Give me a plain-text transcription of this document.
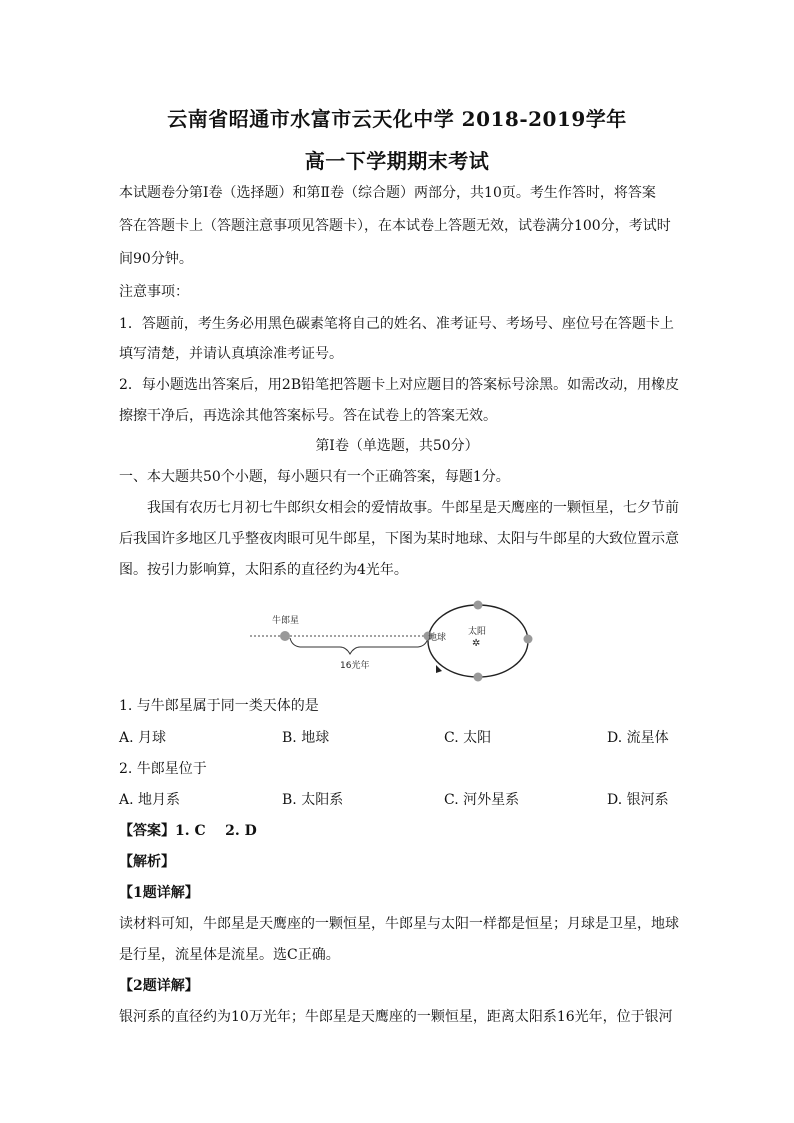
云南省昭通市水富市云天化中学 2018-2019学年
高一下学期期末考试
本试题卷分第Ⅰ卷（选择题）和第Ⅱ卷（综合题）两部分，共10页。考生作答时，将答案
答在答题卡上（答题注意事项见答题卡），在本试卷上答题无效，试卷满分100分，考试时
间90分钟。
注意事项：
1．答题前，考生务必用黑色碳素笔将自己的姓名、准考证号、考场号、座位号在答题卡上
填写清楚，并请认真填涂准考证号。
2．每小题选出答案后，用2B铅笔把答题卡上对应题目的答案标号涂黑。如需改动，用橡皮
擦擦干净后，再选涂其他答案标号。答在试卷上的答案无效。
第Ⅰ卷（单选题，共50分）
一、本大题共50个小题，每小题只有一个正确答案，每题1分。
我国有农历七月初七牛郎织女相会的爱情故事。牛郎星是天鹰座的一颗恒星，七夕节前
后我国许多地区几乎整夜肉眼可见牛郎星，下图为某时地球、太阳与牛郎星的大致位置示意
图。按引力影响算，太阳系的直径约为4光年。
牛郎星
地球
太阳
✲
16光年
1. 与牛郎星属于同一类天体的是
A. 月球	B. 地球	C. 太阳	D. 流星体
2. 牛郎星位于
A. 地月系	B. 太阳系	C. 河外星系	D. 银河系
【答案】1. C    2. D
【解析】
【1题详解】
读材料可知，牛郎星是天鹰座的一颗恒星，牛郎星与太阳一样都是恒星；月球是卫星，地球
是行星，流星体是流星。选C正确。
【2题详解】
银河系的直径约为10万光年；牛郎星是天鹰座的一颗恒星，距离太阳系16光年，位于银河
